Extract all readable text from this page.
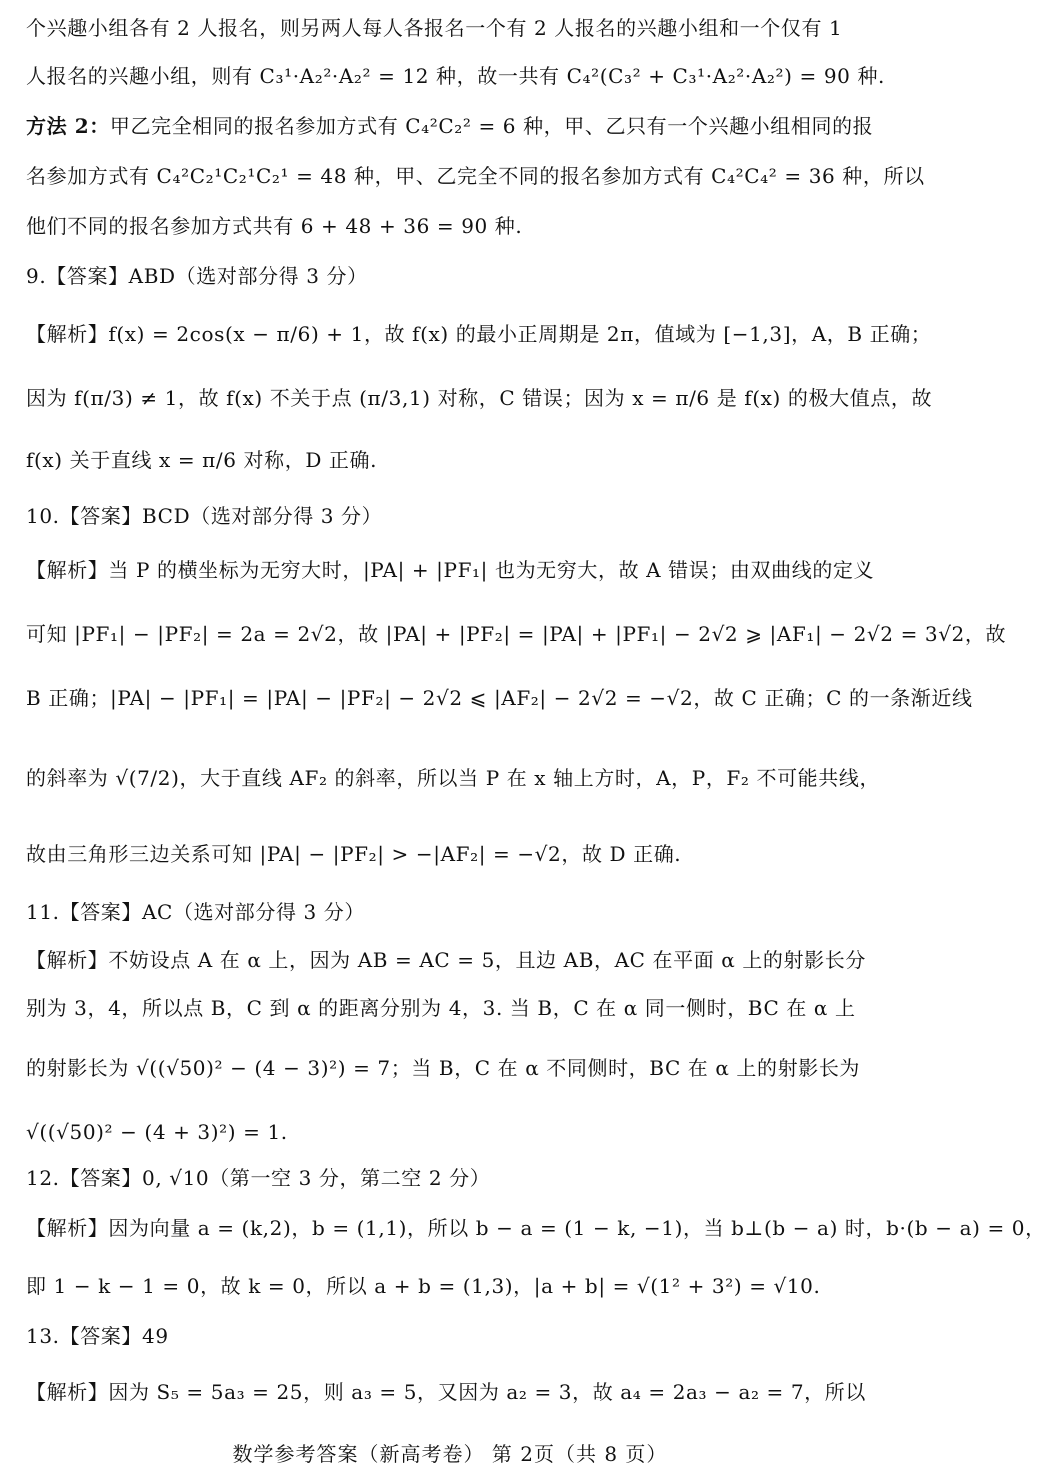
个兴趣小组各有 2 人报名，则另两人每人各报名一个有 2 人报名的兴趣小组和一个仅有 1
人报名的兴趣小组，则有 C₃¹·A₂²·A₂² = 12 种，故一共有 C₄²(C₃² + C₃¹·A₂²·A₂²) = 90 种.
方法 2：甲乙完全相同的报名参加方式有 C₄²C₂² = 6 种，甲、乙只有一个兴趣小组相同的报
名参加方式有 C₄²C₂¹C₂¹C₂¹ = 48 种，甲、乙完全不同的报名参加方式有 C₄²C₄² = 36 种，所以
他们不同的报名参加方式共有 6 + 48 + 36 = 90 种.
9.【答案】ABD（选对部分得 3 分）
【解析】f(x) = 2cos(x − π/6) + 1，故 f(x) 的最小正周期是 2π，值域为 [−1,3]，A，B 正确；
因为 f(π/3) ≠ 1，故 f(x) 不关于点 (π/3,1) 对称，C 错误；因为 x = π/6 是 f(x) 的极大值点，故
f(x) 关于直线 x = π/6 对称，D 正确.
10.【答案】BCD（选对部分得 3 分）
【解析】当 P 的横坐标为无穷大时，|PA| + |PF₁| 也为无穷大，故 A 错误；由双曲线的定义
可知 |PF₁| − |PF₂| = 2a = 2√2，故 |PA| + |PF₂| = |PA| + |PF₁| − 2√2 ⩾ |AF₁| − 2√2 = 3√2，故
B 正确；|PA| − |PF₁| = |PA| − |PF₂| − 2√2 ⩽ |AF₂| − 2√2 = −√2，故 C 正确；C 的一条渐近线
的斜率为 √(7/2)，大于直线 AF₂ 的斜率，所以当 P 在 x 轴上方时，A，P，F₂ 不可能共线，
故由三角形三边关系可知 |PA| − |PF₂| > −|AF₂| = −√2，故 D 正确.
11.【答案】AC（选对部分得 3 分）
【解析】不妨设点 A 在 α 上，因为 AB = AC = 5，且边 AB，AC 在平面 α 上的射影长分
别为 3，4，所以点 B，C 到 α 的距离分别为 4，3. 当 B，C 在 α 同一侧时，BC 在 α 上
的射影长为 √((√50)² − (4 − 3)²) = 7；当 B，C 在 α 不同侧时，BC 在 α 上的射影长为
√((√50)² − (4 + 3)²) = 1.
12.【答案】0, √10（第一空 3 分，第二空 2 分）
【解析】因为向量 a = (k,2)，b = (1,1)，所以 b − a = (1 − k, −1)，当 b⊥(b − a) 时，b·(b − a) = 0，
即 1 − k − 1 = 0，故 k = 0，所以 a + b = (1,3)，|a + b| = √(1² + 3²) = √10.
13.【答案】49
【解析】因为 S₅ = 5a₃ = 25，则 a₃ = 5，又因为 a₂ = 3，故 a₄ = 2a₃ − a₂ = 7，所以
数学参考答案（新高考卷） 第 2页（共 8 页）
